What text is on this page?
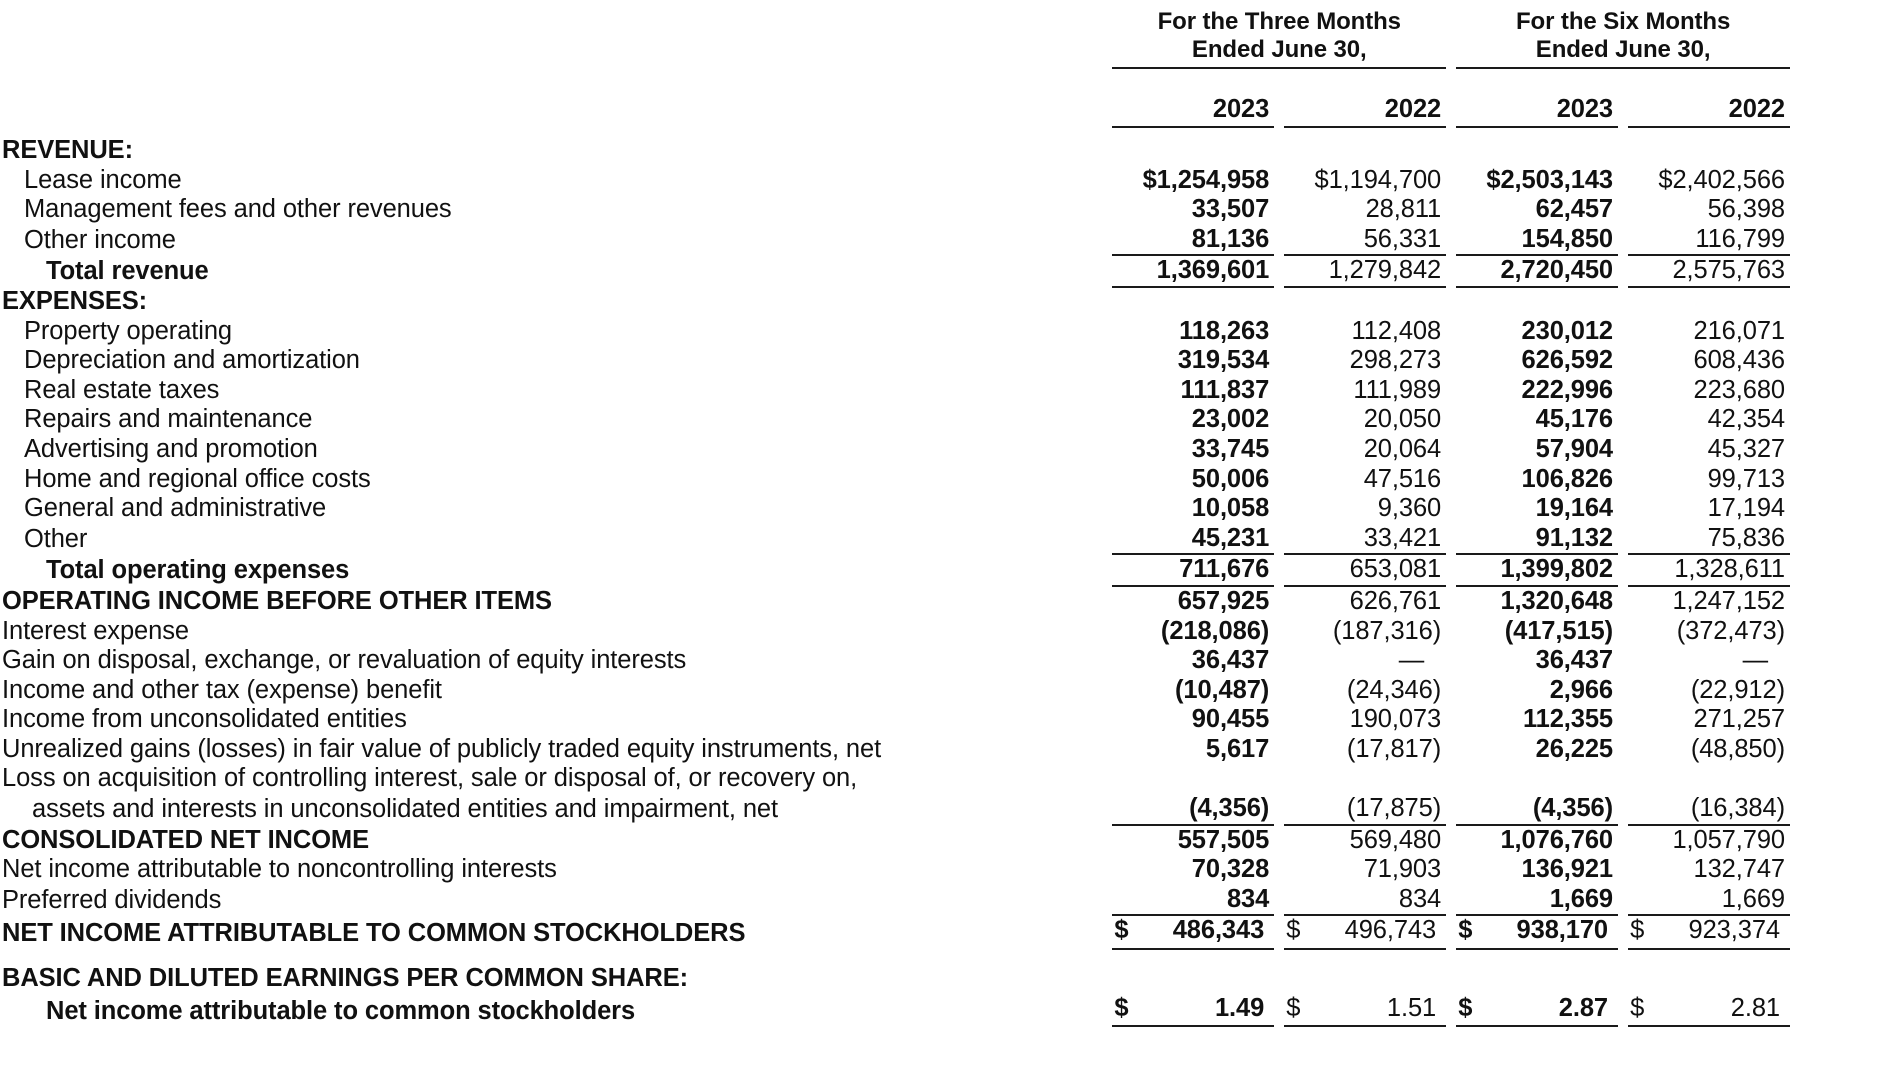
For the Three Months
Ended June 30,

For the Six Months
Ended June 30,

	2023		2022		2023		2022

REVENUE:							
Lease income	$1,254,958		$1,194,700		$2,503,143		$2,402,566
Management fees and other revenues	33,507		28,811		62,457		56,398
Other income	81,136		56,331		154,850		116,799
Total revenue	1,369,601		1,279,842		2,720,450		2,575,763
EXPENSES:							
Property operating	118,263		112,408		230,012		216,071
Depreciation and amortization	319,534		298,273		626,592		608,436
Real estate taxes	111,837		111,989		222,996		223,680
Repairs and maintenance	23,002		20,050		45,176		42,354
Advertising and promotion	33,745		20,064		57,904		45,327
Home and regional office costs	50,006		47,516		106,826		99,713
General and administrative	10,058		9,360		19,164		17,194
Other	45,231		33,421		91,132		75,836
Total operating expenses	711,676		653,081		1,399,802		1,328,611
OPERATING INCOME BEFORE OTHER ITEMS	657,925		626,761		1,320,648		1,247,152
Interest expense	(218,086)		(187,316)		(417,515)		(372,473)
Gain on disposal, exchange, or revaluation of equity interests	36,437		—		36,437		—
Income and other tax (expense) benefit	(10,487)		(24,346)		2,966		(22,912)
Income from unconsolidated entities	90,455		190,073		112,355		271,257
Unrealized gains (losses) in fair value of publicly traded equity instruments, net	5,617		(17,817)		26,225		(48,850)
Loss on acquisition of controlling interest, sale or disposal of, or recovery on,							
assets and interests in unconsolidated entities and impairment, net	(4,356)		(17,875)		(4,356)		(16,384)
CONSOLIDATED NET INCOME	557,505		569,480		1,076,760		1,057,790
Net income attributable to noncontrolling interests	70,328		71,903		136,921		132,747
Preferred dividends	834		834		1,669		1,669
NET INCOME ATTRIBUTABLE TO COMMON STOCKHOLDERS	$ 486,343		$ 496,743		$ 938,170		$ 923,374

BASIC AND DILUTED EARNINGS PER COMMON SHARE:							
Net income attributable to common stockholders	$ 1.49		$ 1.51		$ 2.87		$ 2.81
